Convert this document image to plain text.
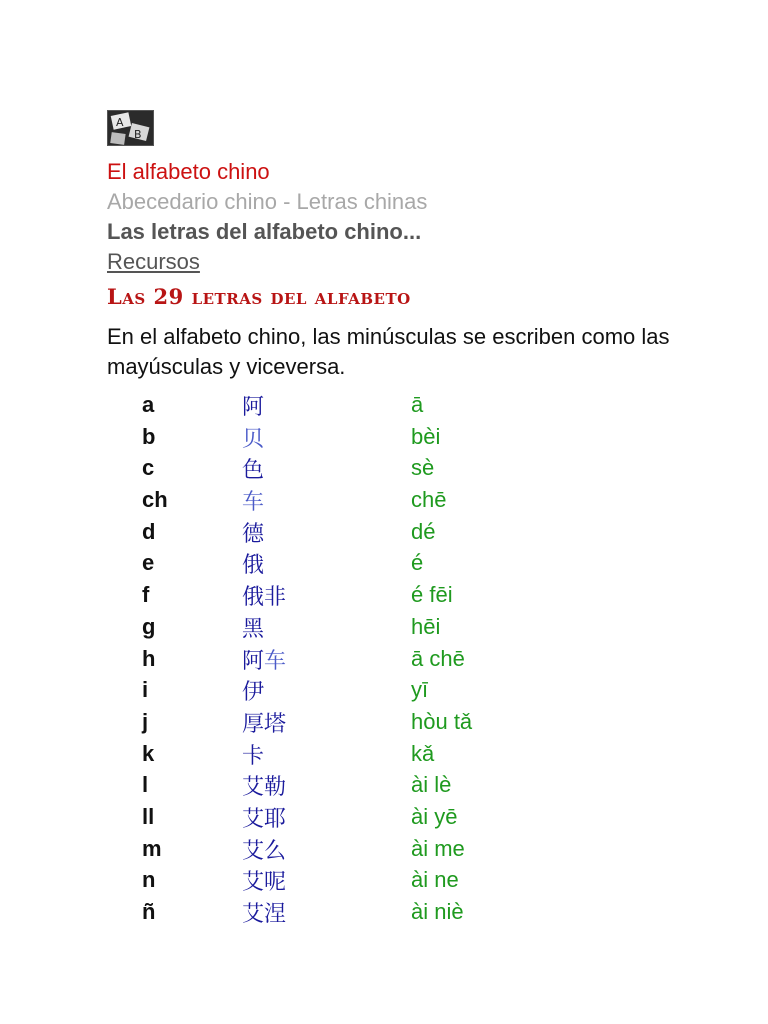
A
B
El alfabeto chino
Abecedario chino - Letras chinas
Las letras del alfabeto chino...
Recursos
Las 29 letras del alfabeto
En el alfabeto chino, las minúsculas se escriben como las mayúsculas y viceversa.
a	阿	ā
b	贝	bèi
c	色	sè
ch	车	chē
d	德	dé
e	俄	é
f	俄非	é fēi
g	黑	hēi
h	阿车	ā chē
i	伊	yī
j	厚塔	hòu tǎ
k	卡	kǎ
l	艾勒	ài lè
ll	艾耶	ài yē
m	艾么	ài me
n	艾呢	ài ne
ñ	艾涅	ài niè
